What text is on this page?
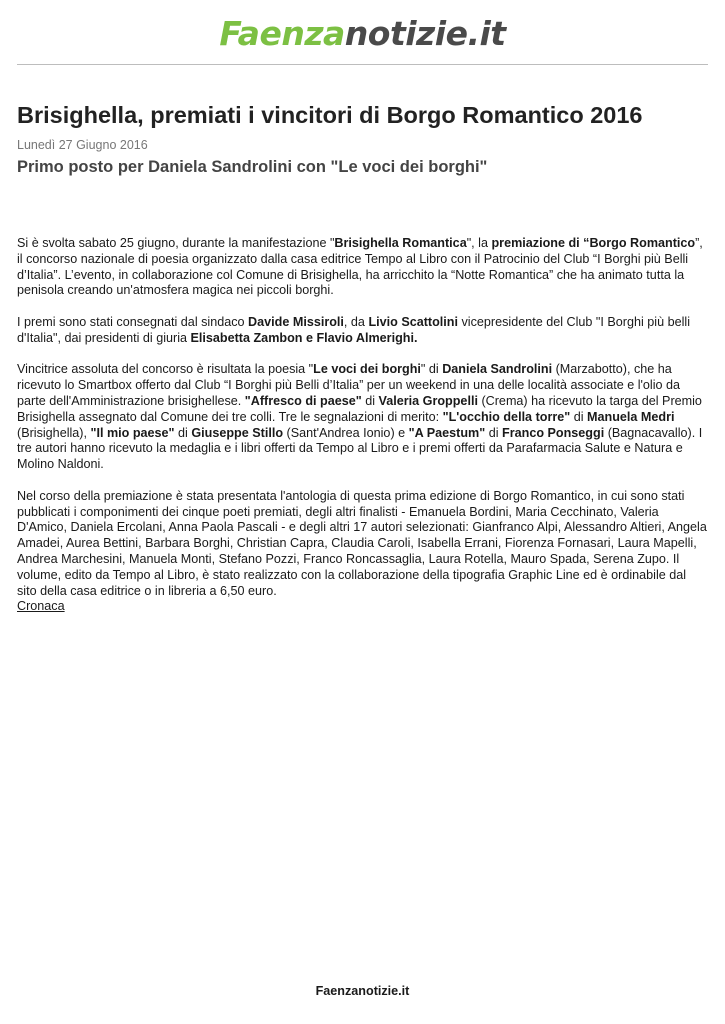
Faenzanotizie.it
Brisighella, premiati i vincitori di Borgo Romantico 2016
Lunedì 27 Giugno 2016
Primo posto per Daniela Sandrolini con "Le voci dei borghi"

Si è svolta sabato 25 giugno, durante la manifestazione "Brisighella Romantica", la premiazione di “Borgo Romantico”, il concorso nazionale di poesia organizzato dalla casa editrice Tempo al Libro con il Patrocinio del Club “I Borghi più Belli d’Italia”. L’evento, in collaborazione col Comune di Brisighella, ha arricchito la “Notte Romantica” che ha animato tutta la penisola creando un'atmosfera magica nei piccoli borghi.

I premi sono stati consegnati dal sindaco Davide Missiroli, da Livio Scattolini vicepresidente del Club "I Borghi più belli d'Italia", dai presidenti di giuria Elisabetta Zambon e Flavio Almerighi.

Vincitrice assoluta del concorso è risultata la poesia "Le voci dei borghi" di Daniela Sandrolini (Marzabotto), che ha ricevuto lo Smartbox offerto dal Club “I Borghi più Belli d’Italia” per un weekend in una delle località associate e l'olio da parte dell'Amministrazione brisighellese. "Affresco di paese" di Valeria Groppelli (Crema) ha ricevuto la targa del Premio Brisighella assegnato dal Comune dei tre colli. Tre le segnalazioni di merito: "L'occhio della torre" di Manuela Medri (Brisighella), "Il mio paese" di Giuseppe Stillo (Sant'Andrea Ionio) e "A Paestum" di Franco Ponseggi (Bagnacavallo). I tre autori hanno ricevuto la medaglia e i libri offerti da Tempo al Libro e i premi offerti da Parafarmacia Salute e Natura e Molino Naldoni.

Nel corso della premiazione è stata presentata l'antologia di questa prima edizione di Borgo Romantico, in cui sono stati pubblicati i componimenti dei cinque poeti premiati, degli altri finalisti - Emanuela Bordini, Maria Cecchinato, Valeria D'Amico, Daniela Ercolani, Anna Paola Pascali - e degli altri 17 autori selezionati: Gianfranco Alpi, Alessandro Altieri, Angela Amadei, Aurea Bettini, Barbara Borghi, Christian Capra, Claudia Caroli, Isabella Errani, Fiorenza Fornasari, Laura Mapelli, Andrea Marchesini, Manuela Monti, Stefano Pozzi, Franco Roncassaglia, Laura Rotella, Mauro Spada, Serena Zupo. Il volume, edito da Tempo al Libro, è stato realizzato con la collaborazione della tipografia Graphic Line ed è ordinabile dal sito della casa editrice o in libreria a 6,50 euro.

Cronaca
Faenzanotizie.it
